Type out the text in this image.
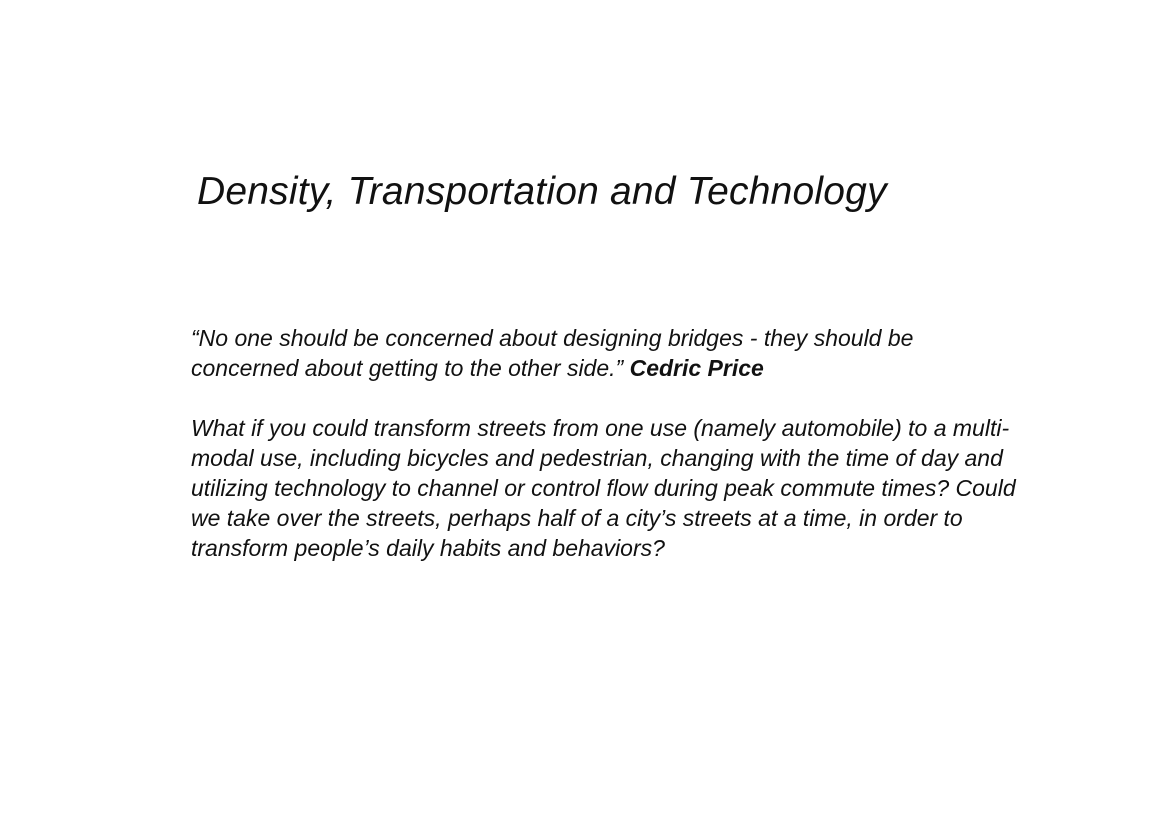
Density, Transportation and Technology

“No one should be concerned about designing bridges - they should be concerned about getting to the other side.” Cedric Price

What if you could transform streets from one use (namely automobile) to a multi-modal use, including bicycles and pedestrian, changing with the time of day and utilizing technology to channel or control flow during peak commute times? Could we take over the streets, perhaps half of a city’s streets at a time, in order to transform people’s daily habits and behaviors?
